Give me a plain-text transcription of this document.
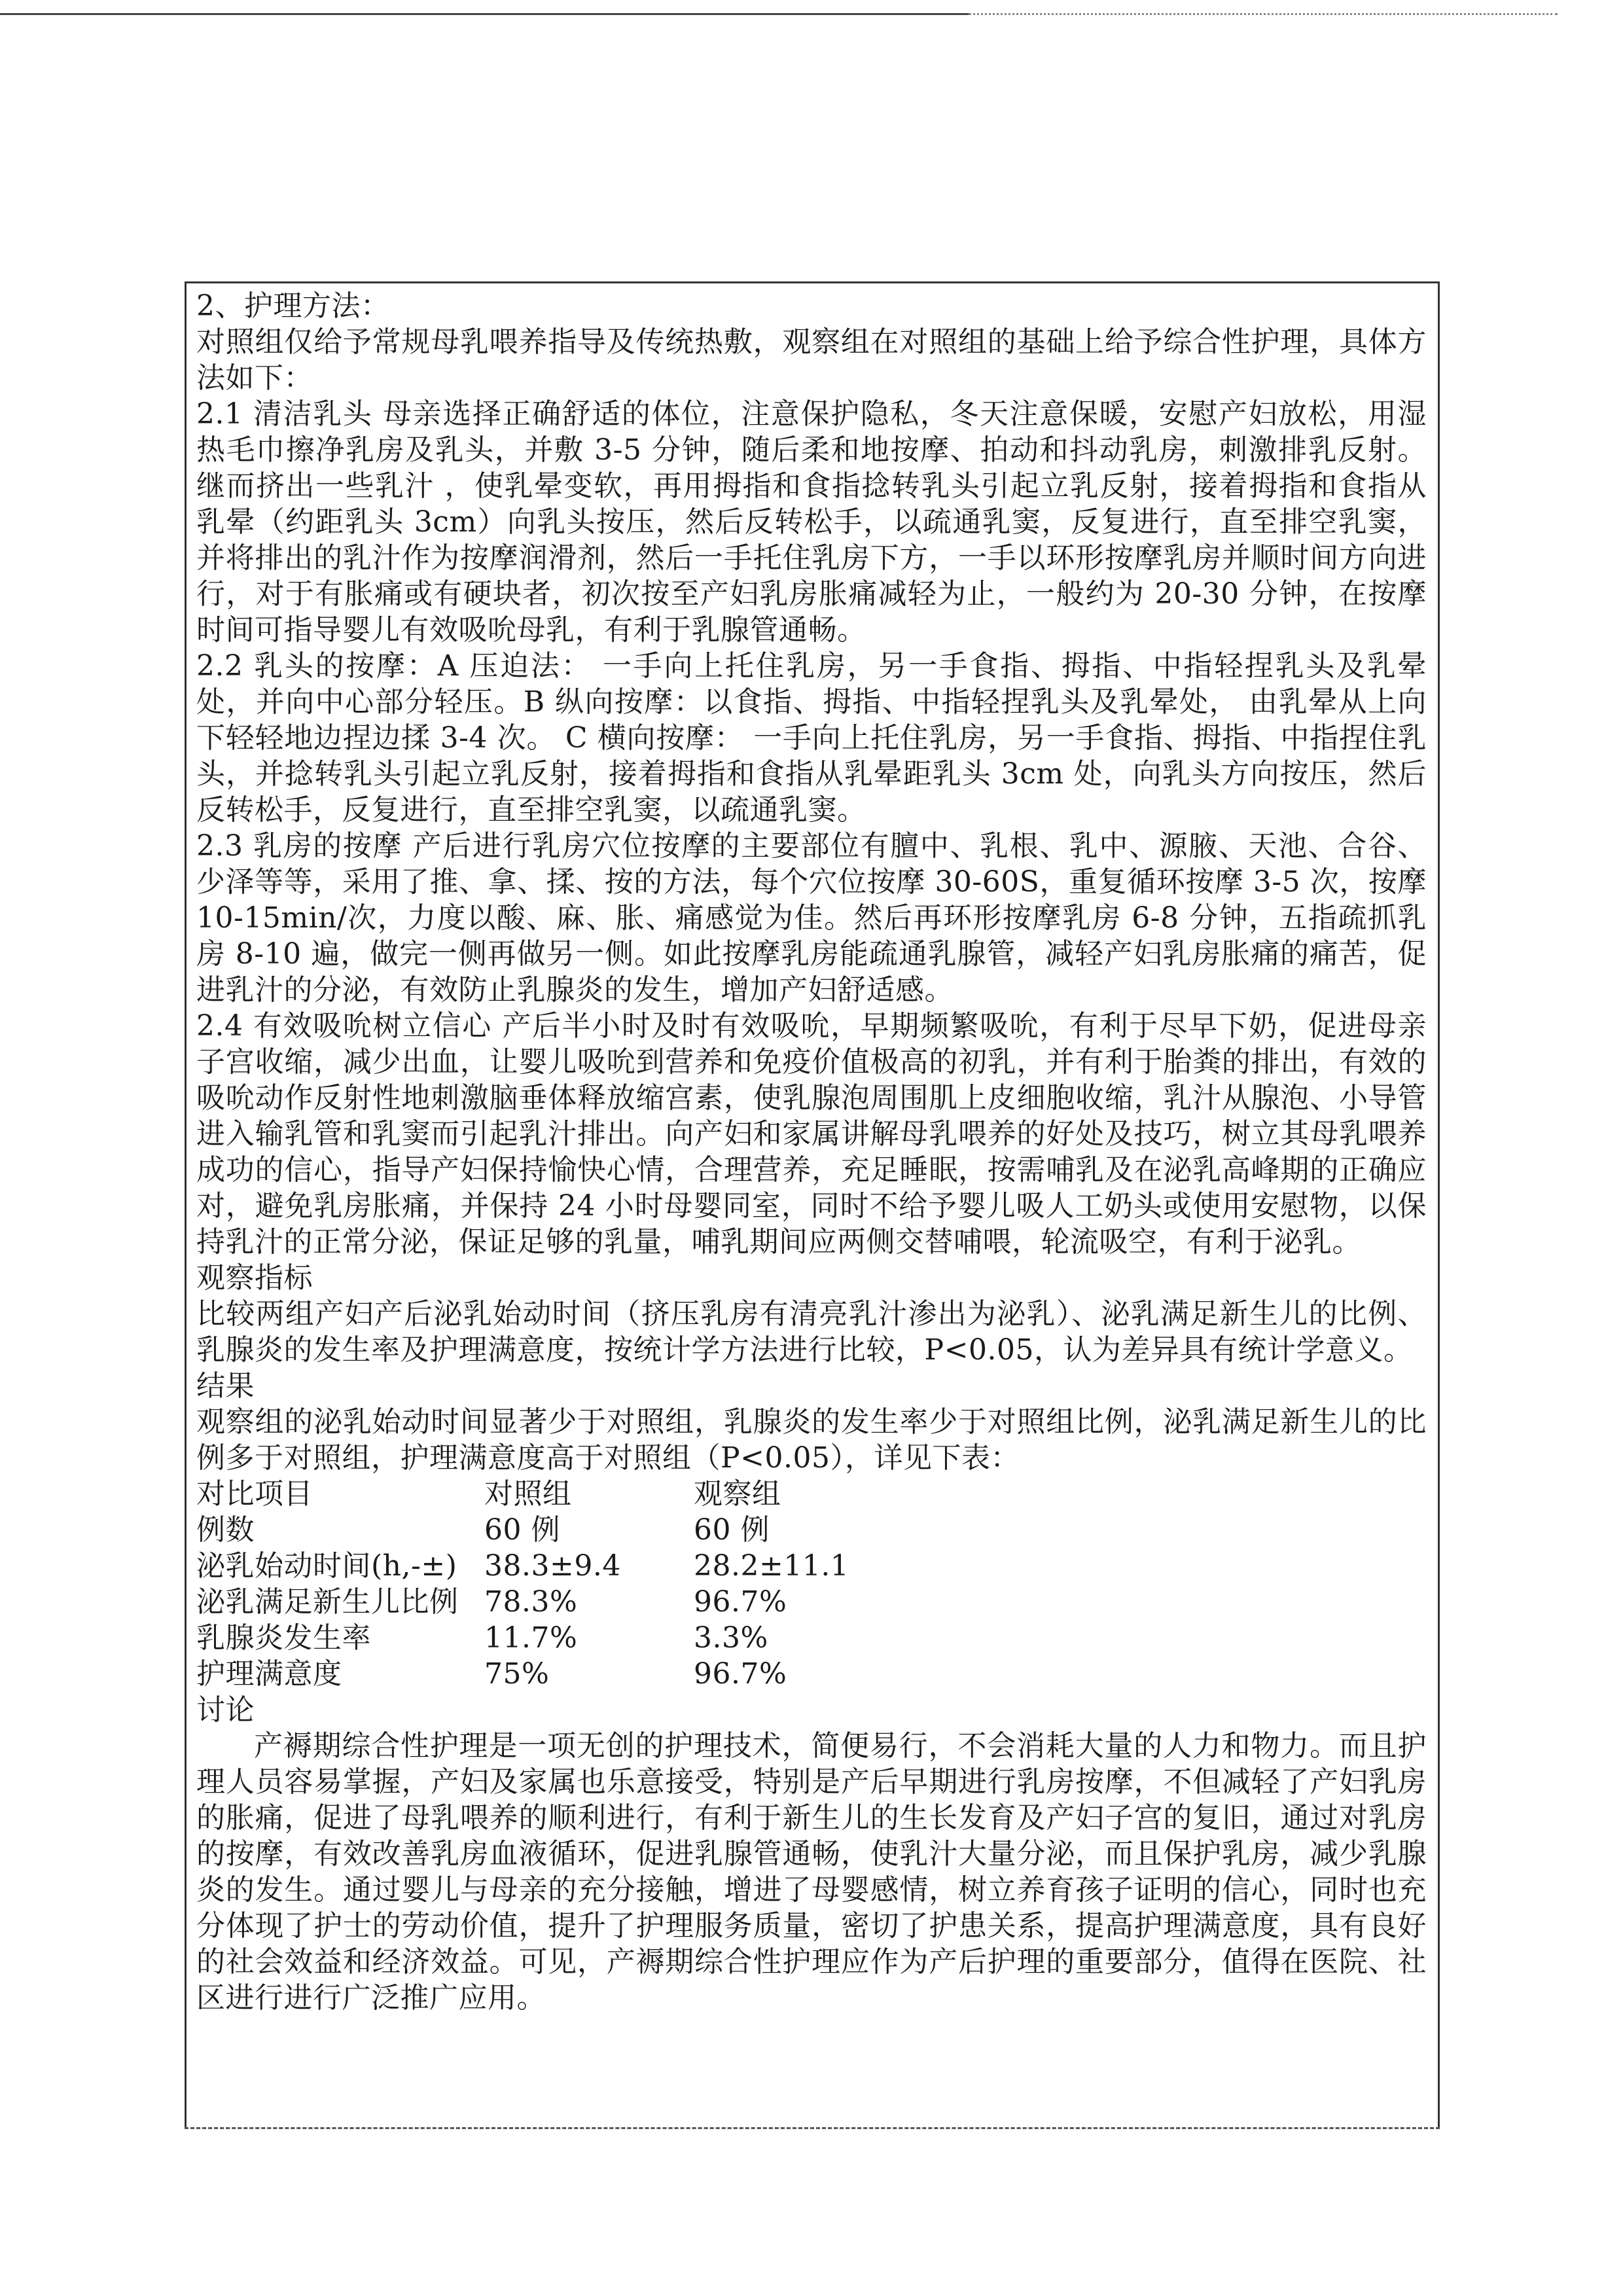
2、护理方法：

对照组仅给予常规母乳喂养指导及传统热敷，观察组在对照组的基础上给予综合性护理，具体方法如下：

2.1 清洁乳头 母亲选择正确舒适的体位，注意保护隐私，冬天注意保暖，安慰产妇放松，用湿热毛巾擦净乳房及乳头，并敷 3-5 分钟，随后柔和地按摩、拍动和抖动乳房，刺激排乳反射。继而挤出一些乳汁 ，使乳晕变软，再用拇指和食指捻转乳头引起立乳反射，接着拇指和食指从乳晕（约距乳头 3cm）向乳头按压，然后反转松手，以疏通乳窦，反复进行，直至排空乳窦，并将排出的乳汁作为按摩润滑剂，然后一手托住乳房下方，一手以环形按摩乳房并顺时间方向进行，对于有胀痛或有硬块者，初次按至产妇乳房胀痛减轻为止，一般约为 20-30 分钟，在按摩时间可指导婴儿有效吸吮母乳，有利于乳腺管通畅。

2.2 乳头的按摩：A 压迫法： 一手向上托住乳房，另一手食指、拇指、中指轻捏乳头及乳晕处，并向中心部分轻压。B 纵向按摩：以食指、拇指、中指轻捏乳头及乳晕处， 由乳晕从上向下轻轻地边捏边揉 3-4 次。 C 横向按摩： 一手向上托住乳房，另一手食指、拇指、中指捏住乳头，并捻转乳头引起立乳反射，接着拇指和食指从乳晕距乳头 3cm 处，向乳头方向按压，然后反转松手，反复进行，直至排空乳窦，以疏通乳窦。

2.3 乳房的按摩 产后进行乳房穴位按摩的主要部位有膻中、乳根、乳中、源腋、天池、合谷、少泽等等，采用了推、拿、揉、按的方法，每个穴位按摩 30-60S，重复循环按摩 3-5 次，按摩 10-15min/次，力度以酸、麻、胀、痛感觉为佳。然后再环形按摩乳房 6-8 分钟，五指疏抓乳房 8-10 遍，做完一侧再做另一侧。如此按摩乳房能疏通乳腺管，减轻产妇乳房胀痛的痛苦，促进乳汁的分泌，有效防止乳腺炎的发生，增加产妇舒适感。

2.4 有效吸吮树立信心 产后半小时及时有效吸吮，早期频繁吸吮，有利于尽早下奶，促进母亲子宫收缩，减少出血，让婴儿吸吮到营养和免疫价值极高的初乳，并有利于胎粪的排出，有效的吸吮动作反射性地刺激脑垂体释放缩宫素，使乳腺泡周围肌上皮细胞收缩，乳汁从腺泡、小导管进入输乳管和乳窦而引起乳汁排出。向产妇和家属讲解母乳喂养的好处及技巧，树立其母乳喂养成功的信心，指导产妇保持愉快心情，合理营养，充足睡眠，按需哺乳及在泌乳高峰期的正确应对，避免乳房胀痛，并保持 24 小时母婴同室，同时不给予婴儿吸人工奶头或使用安慰物，以保持乳汁的正常分泌，保证足够的乳量，哺乳期间应两侧交替哺喂，轮流吸空，有利于泌乳。

观察指标

比较两组产妇产后泌乳始动时间（挤压乳房有清亮乳汁渗出为泌乳）、泌乳满足新生儿的比例、乳腺炎的发生率及护理满意度，按统计学方法进行比较，P<0.05，认为差异具有统计学意义。

结果

观察组的泌乳始动时间显著少于对照组，乳腺炎的发生率少于对照组比例，泌乳满足新生儿的比例多于对照组，护理满意度高于对照组（P<0.05），详见下表：

对比项目	对照组	观察组
例数	60 例	60 例
泌乳始动时间(h,-±)	38.3±9.4	28.2±11.1
泌乳满足新生儿比例	78.3%	96.7%
乳腺炎发生率	11.7%	3.3%
护理满意度	75%	96.7%

讨论

产褥期综合性护理是一项无创的护理技术，简便易行，不会消耗大量的人力和物力。而且护理人员容易掌握，产妇及家属也乐意接受，特别是产后早期进行乳房按摩，不但减轻了产妇乳房的胀痛，促进了母乳喂养的顺利进行，有利于新生儿的生长发育及产妇子宫的复旧，通过对乳房的按摩，有效改善乳房血液循环，促进乳腺管通畅，使乳汁大量分泌，而且保护乳房，减少乳腺炎的发生。通过婴儿与母亲的充分接触，增进了母婴感情，树立养育孩子证明的信心，同时也充分体现了护士的劳动价值，提升了护理服务质量，密切了护患关系，提高护理满意度，具有良好的社会效益和经济效益。可见，产褥期综合性护理应作为产后护理的重要部分，值得在医院、社区进行进行广泛推广应用。
